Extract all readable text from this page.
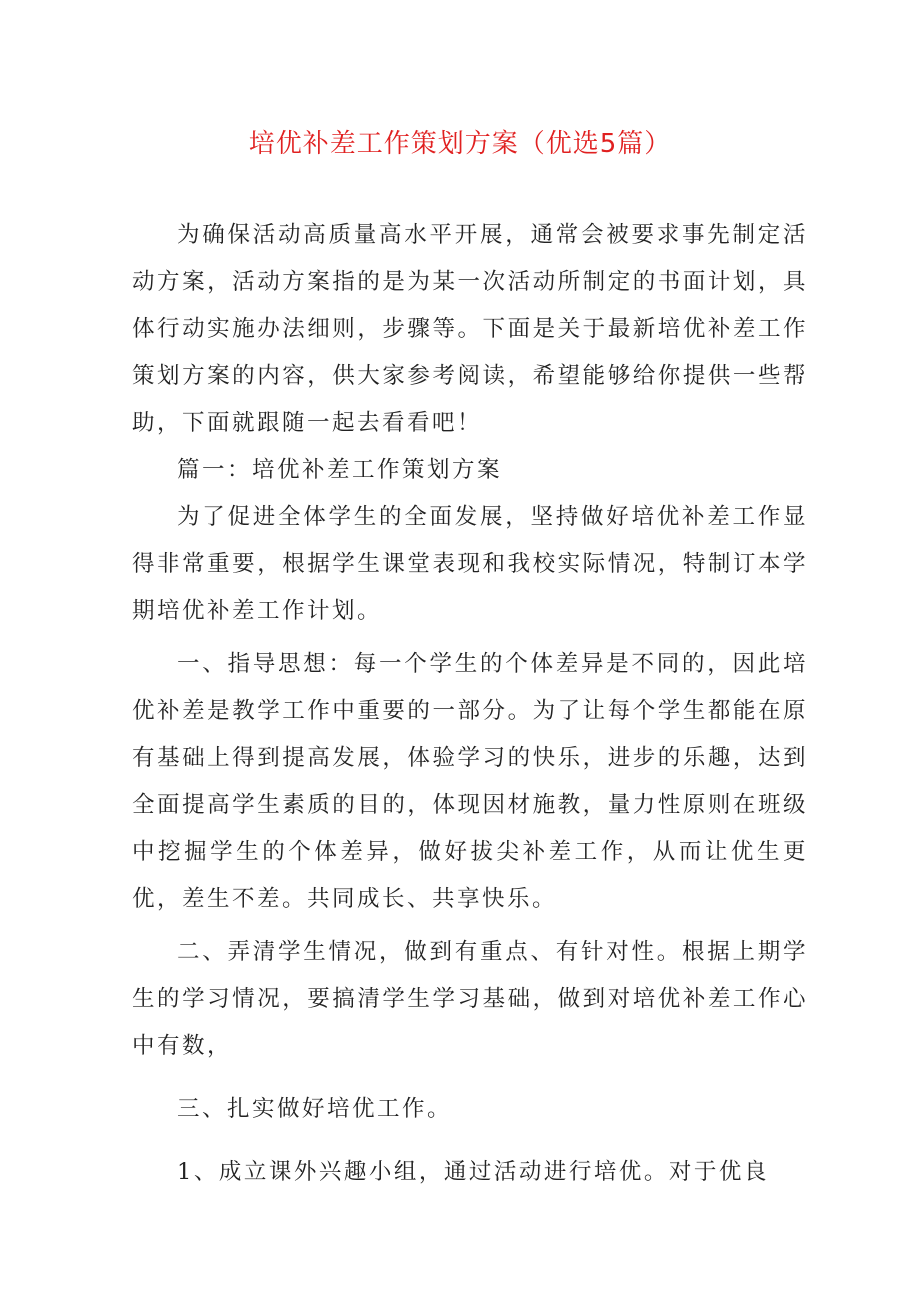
培优补差工作策划方案（优选5篇）

为确保活动高质量高水平开展，通常会被要求事先制定活动方案，活动方案指的是为某一次活动所制定的书面计划，具体行动实施办法细则，步骤等。下面是关于最新培优补差工作策划方案的内容，供大家参考阅读，希望能够给你提供一些帮助，下面就跟随一起去看看吧！

篇一：培优补差工作策划方案

为了促进全体学生的全面发展，坚持做好培优补差工作显得非常重要，根据学生课堂表现和我校实际情况，特制订本学期培优补差工作计划。

一、指导思想：每一个学生的个体差异是不同的，因此培优补差是教学工作中重要的一部分。为了让每个学生都能在原有基础上得到提高发展，体验学习的快乐，进步的乐趣，达到全面提高学生素质的目的，体现因材施教，量力性原则在班级中挖掘学生的个体差异，做好拔尖补差工作，从而让优生更优，差生不差。共同成长、共享快乐。

二、弄清学生情况，做到有重点、有针对性。根据上期学生的学习情况，要搞清学生学习基础，做到对培优补差工作心中有数，

三、扎实做好培优工作。

1、成立课外兴趣小组，通过活动进行培优。对于优良
